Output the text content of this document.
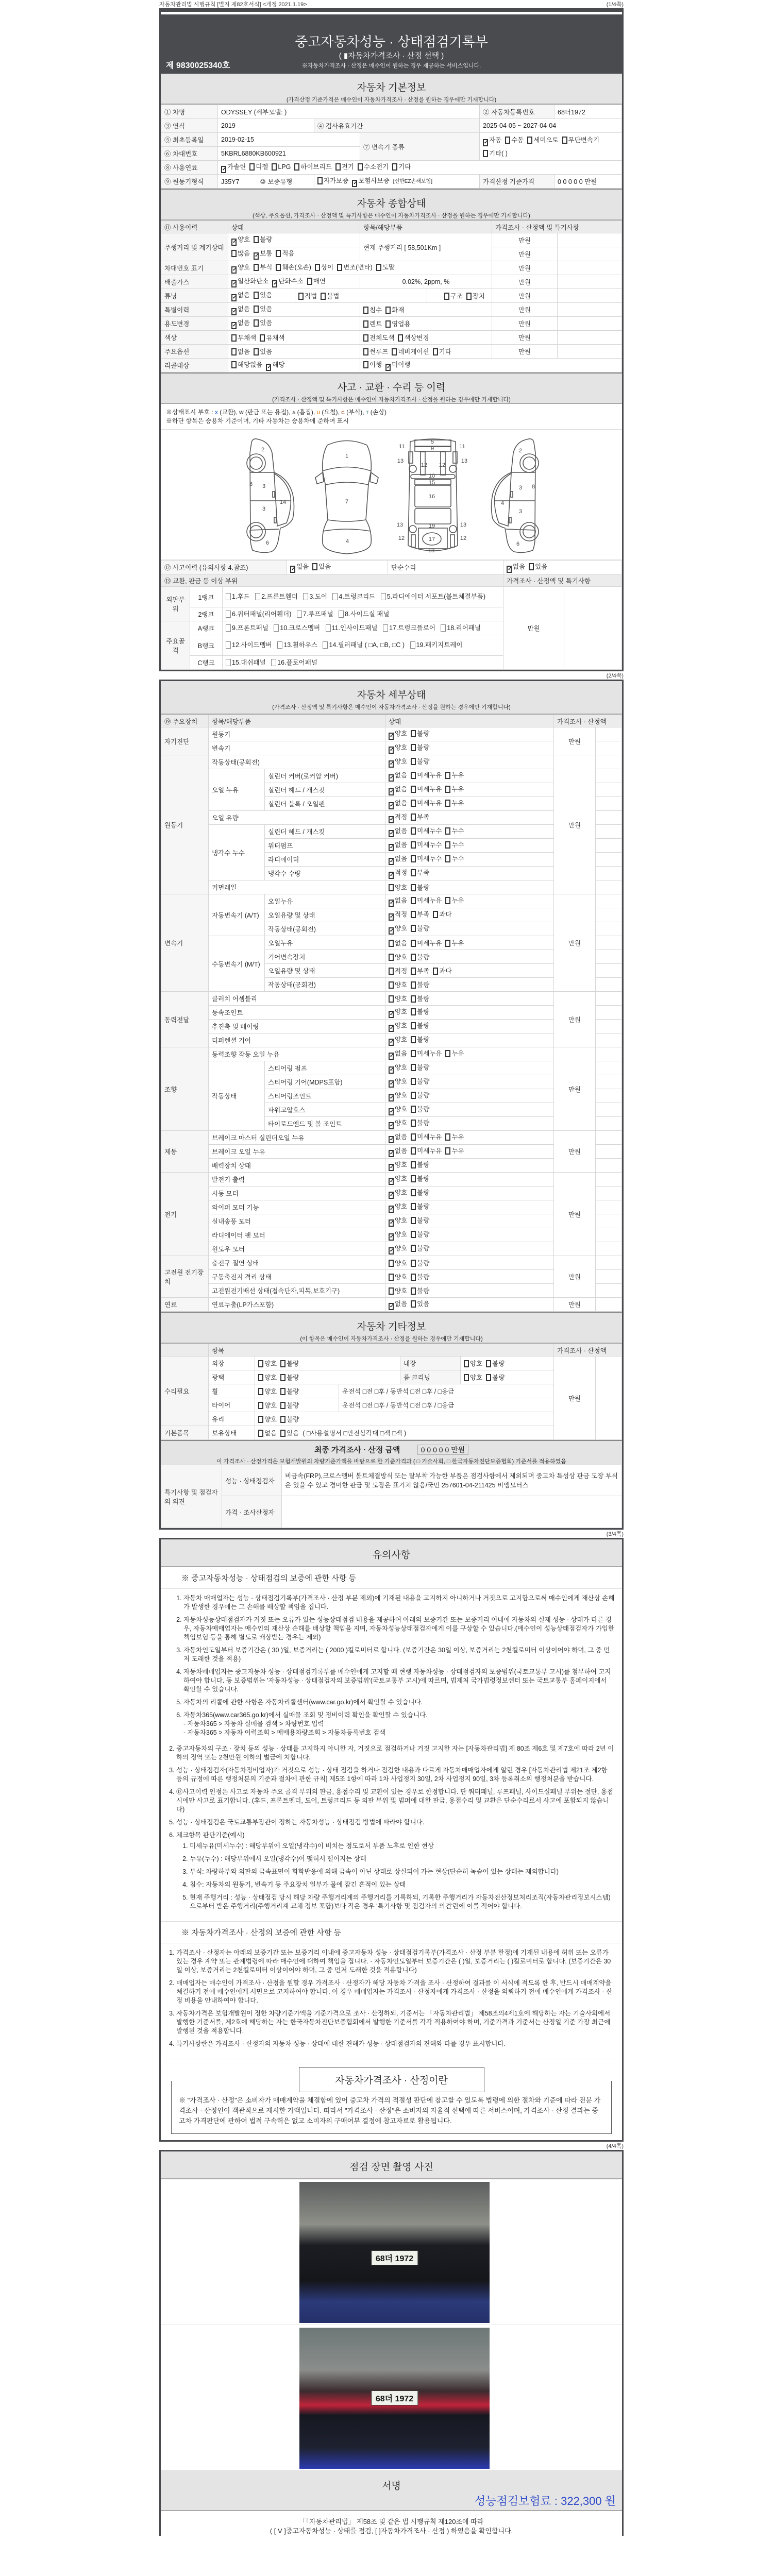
자동차관리법 시행규칙 [별지 제82호서식] <개정 2021.1.19>	(1/4쪽)
중고자동차성능 · 상태점검기록부
( ▮자동차가격조사 · 산정 선택 )
※자동차가격조사 · 산정은 매수인이 원하는 경우 제공하는 서비스입니다.
제 9830025340호
자동차 기본정보
(가격산정 기준가격은 매수인이 자동차가격조사 · 산정을 원하는 경우에만 기재합니다)
① 차명	ODYSSEY (세부모델: )			② 자동차등록번호	68더1972
③ 연식	2019	④ 검사유효기간		2025-04-05 ~ 2027-04-04	
⑤ 최초등록일	2019-02-15		⑦ 변속기 종류	✓ 자동 수동 세미오토 무단변속기기타( )	
⑥ 차대번호	5KBRL6880KB600921				
⑧ 사용연료	✓ 가솔린 디젤 LPG 하이브리드 전기 수소전기 기타				
⑨ 원동기형식	J35Y7 ⑩ 보증유형	자가보증 ✓ 보험사보증 [신한EZ손해보험]		가격산정 기준가격	0 0 0 0 0 만원
자동차 종합상태
(색상, 주요옵션, 가격조사 · 산정액 및 특기사항은 매수인이 자동차가격조사 · 산정을 원하는 경우에만 기재합니다)
⑪ 사용이력	상태		항목/해당부품		가격조사 · 산정액 및 특기사항	
주행거리 및 계기상태	✓ 양호 불량		현재 주행거리 [ 58,501Km ]		만원	
	많음 ✓ 보통 적음				만원	
차대번호 표기	✓ 양호 부식 훼손(오손) 상이 변조(변타) 도말				만원	
배출가스	✓ 일산화탄소 ✓ 탄화수소 매연		0.02%, 2ppm, %		만원	
튜닝	✓ 없음 있음	적법 불법		구조 장치	만원	
특별이력	✓ 없음 있음		침수 화재		만원	
용도변경	✓ 없음 있음		렌트 영업용		만원	
색상	무채색 유채색		전체도색 색상변경		만원	
주요옵션	없음 있음		썬루프 네비게이션 기타		만원	
리콜대상	해당없음 ✓ 해당		이행 ✓ 미이행			
사고 · 교환 · 수리 등 이력
(가격조사 · 산정액 및 특기사항은 매수인이 자동차가격조사 · 산정을 원하는 경우에만 기재합니다)
※상태표시 부호 : X (교환), W (판금 또는 용접), A (흠집), U (요철), C (부식), T (손상)
※하단 항목은 승용차 기준이며, 기타 자동차는 승용차에 준하여 표시
2
8 3
3
14
6
1
7
4
5
9
11	11
13	13
12 12
10
15
16
19
13	13
17
12	12
18
2
8
3
3
4
6
⑫ 사고이력 (유의사항 4.참조)			✓ 없음 있음	단순수리	✓ 없음 있음	
⑬ 교환, 판금 등 이상 부위					가격조사 · 산정액 및 특기사항	
외판부위	1랭크	1.후드 2.프론트휀더 3.도어 4.트렁크리드 5.라디에이터 서포트(볼트체결부품)			만원	
	2랭크	6.쿼터패널(리어휀더) 7.루프패널 8.사이드실 패널				
주요골격	A랭크	9.프론트패널 10.크로스멤버 11.인사이드패널 17.트렁크플로어 18.리어패널				
	B랭크	12.사이드멤버 13.휠하우스 14.필러패널 ( □A, □B, □C ) 19.패키지트레이				
	C랭크	15.대쉬패널 16.플로어패널				
(2/4쪽)
자동차 세부상태
(가격조사 · 산정액 및 특기사항은 매수인이 자동차가격조사 · 산정을 원하는 경우에만 기재합니다)
⑲ 주요장치	항목/해당부품		상태	가격조사 · 산정액	
자기진단	원동기		✓ 양호 불량	만원	
	변속기		✓ 양호 불량		
원동기	작동상태(공회전)		✓ 양호 불량	만원	
	오일 누유	실린더 커버(로커암 커버)	✓ 없음 미세누유 누유		
		실린더 헤드 / 개스킷	✓ 없음 미세누유 누유		
		실린더 블록 / 오일팬	✓ 없음 미세누유 누유		
	오일 유량		✓ 적정 부족		
	냉각수 누수	실린더 헤드 / 개스킷	✓ 없음 미세누수 누수		
		워터펌프	✓ 없음 미세누수 누수		
		라디에이터	✓ 없음 미세누수 누수		
		냉각수 수량	✓ 적정 부족		
	커먼레일		양호 불량		
변속기	자동변속기 (A/T)	오일누유	✓ 없음 미세누유 누유	만원	
		오일유량 및 상태	✓ 적정 부족 과다		
		작동상태(공회전)	✓ 양호 불량		
	수동변속기 (M/T)	오일누유	없음 미세누유 누유		
		기어변속장치	양호 불량		
		오일유량 및 상태	적정 부족 과다		
		작동상태(공회전)	양호 불량		
동력전달	클러치 어셈블리		양호 불량	만원	
	등속조인트		✓ 양호 불량		
	추진축 및 베어링		✓ 양호 불량		
	디퍼렌셜 기어		✓ 양호 불량		
조향	동력조향 작동 오일 누유		✓ 없음 미세누유 누유	만원	
	작동상태	스티어링 펌프	✓ 양호 불량		
		스티어링 기어(MDPS포함)	✓ 양호 불량		
		스티어링조인트	✓ 양호 불량		
		파워고압호스	✓ 양호 불량		
		타이로드엔드 및 볼 조인트	✓ 양호 불량		
제동	브레이크 마스터 실린더오일 누유		✓ 없음 미세누유 누유	만원	
	브레이크 오일 누유		✓ 없음 미세누유 누유		
	배력장치 상태		✓ 양호 불량		
전기	발전기 출력		✓ 양호 불량	만원	
	시동 모터		✓ 양호 불량		
	와이퍼 모터 기능		✓ 양호 불량		
	실내송풍 모터		✓ 양호 불량		
	라디에이터 팬 모터		✓ 양호 불량		
	윈도우 모터		✓ 양호 불량		
고전원 전기장치	충전구 절연 상태		양호 불량	만원	
	구동축전지 격리 상태		양호 불량		
	고전원전기배선 상태(접속단자,피복,보호기구)		양호 불량		
연료	연료누출(LP가스포함)		✓ 없음 있음	만원	
자동차 기타정보
(이 항목은 매수인이 자동차가격조사 · 산정을 원하는 경우에만 기재합니다)
	항목					가격조사 · 산정액	
수리필요	외장	양호 불량		내장	양호 불량	만원	
	광택	양호 불량		룸 크리닝	양호 불량		
	휠	양호 불량	운전석 □전 □후 / 동반석 □전 □후 / □응급				
	타이어	양호 불량	운전석 □전 □후 / 동반석 □전 □후 / □응급				
	유리	양호 불량					
기본품목	보유상태	없음 있음 ( □사용설명서 □안전삼각대 □잭 □잭 )					
최종 가격조사 · 산정 금액	0 0 0 0 0 만원
이 가격조사 · 산정가격은 보험개발원의 차량기준가액을 바탕으로 한 기준가격과 ( □ 기술사회, □ 한국자동차진단보증협회) 기준서를 적용하였음
특기사항 및 점검자의 의견	성능 · 상태점검자	비금속(FRP),크로스멤버 볼트체결방식 또는 탈부착 가능한 부품은 점검사항에서 제외되며 중고차 특성상 판금 도장 부식은 있을 수 있고 경미한 판금 및 도장은 표기치 않음/국민 257601-04-211425 비엠모터스
	가격 · 조사산정자	
(3/4쪽)
유의사항
※ 중고자동차성능 · 상태점검의 보증에 관한 사항 등
1. 자동차 매매업자는 성능 · 상태점검기록부(가격조사 · 산정 부분 제외)에 기재된 내용을 고지하지 아니하거나 거짓으로 고지함으로써 매수인에게 재산상 손해가 발생한 경우에는 그 손해를 배상할 책임을 집니다.
2. 자동차성능상태점검자가 거짓 또는 오류가 있는 성능상태점검 내용을 제공하여 아래의 보증기간 또는 보증거리 이내에 자동차의 실제 성능 · 상태가 다른 경우, 자동차매매업자는 매수인의 재산상 손해를 배상할 책임을 지며, 자동차성능상태점검자에게 이를 구상할 수 있습니다.(매수인이 성능상태점검자가 가입한 책임보험 등을 통해 별도로 배상받는 경우는 제외)
3. 자동차인도일부터 보증기간은 ( 30 )일, 보증거리는 ( 2000 )킬로미터로 합니다. (보증기간은 30일 이상, 보증거리는 2천킬로미터 이상이어야 하며, 그 중 먼저 도래한 것을 적용)
4. 자동차매매업자는 중고자동차 성능 · 상태점검기록부를 매수인에게 고지할 때 현행 자동차성능 · 상태점검자의 보증범위(국토교통부 고시)를 첨부하여 고지하여야 합니다. 동 보증범위는 '자동차성능 · 상태점검자의 보증범위'(국토교통부 고시)에 따르며, 법제처 국가법령정보센터 또는 국토교통부 홈페이지에서 확인할 수 있습니다.
5. 자동차의 리콜에 관한 사항은 자동차리콜센터(www.car.go.kr)에서 확인할 수 있습니다.
6. 자동차365(www.car365.go.kr)에서 실매물 조회 및 정비이력 확인을 확인할 수 있습니다.
- 자동차365 > 자동차 실매물 검색 > 차량번호 입력
- 자동차365 > 자동차 이력조회 > 매매용차량조회 > 자동차등록번호 검색
2. 중고자동차의 구조 · 장치 등의 성능 · 상태를 고지하지 아니한 자, 거짓으로 점검하거나 거짓 고지한 자는 [자동차관리법] 제 80조 제6호 및 제7호에 따라 2년 이하의 징역 또는 2천만원 이하의 벌금에 처합니다.
3. 성능 · 상태점검자(자동차정비업자)가 거짓으로 성능 · 상태 점검을 하거나 점검한 내용과 다르게 자동차매매업자에게 알린 경우 [자동차관리법 제21조 제2항 등의 규정에 따른 행정처분의 기준과 절차에 관한 규칙] 제5조 1항에 따라 1차 사업정지 30일, 2차 사업정지 90일, 3차 등록취소의 행정처분을 받습니다.
4. ⑫사고이력 인정은 사고로 자동차 주요 골격 부위의 판금, 용접수리 및 교환이 있는 경우로 한정합니다. 단 쿼터패널, 루프패널, 사이드실패널 부위는 절단, 용접 시에만 사고로 표기합니다. (후드, 프론트펜더, 도어, 트렁크리드 등 외판 부위 및 범퍼에 대한 판금, 용접수리 및 교환은 단순수리로서 사고에 포함되지 않습니다)
5. 성능 · 상태점검은 국토교통부장관이 정하는 자동차성능 · 상태점검 방법에 따라야 합니다.
6. 체크항목 판단기준(예시)
1. 미세누유(미세누수) : 해당부위에 오일(냉각수)이 비치는 정도로서 부품 노후로 인한 현상
2. 누유(누수) : 해당부위에서 오일(냉각수)이 맺혀서 떨어지는 상태
3. 부식: 차량하부와 외판의 금속표면이 화학반응에 의해 금속이 아닌 상태로 상실되어 가는 현상(단순히 녹슬어 있는 상태는 제외합니다)
4. 침수: 자동차의 원동기, 변속기 등 주요장치 일부가 물에 잠긴 흔적이 있는 상태
5. 현재 주행거리 : 성능 · 상태점검 당시 해당 차량 주행거리계의 주행거리를 기록하되, 기록한 주행거리가 자동차전산정보처리조직(자동차관리정보시스템)으로부터 받은 주행거리(주행거리계 교체 정보 포함)보다 적은 경우 '특기사항 및 점검자의 의견'란에 이를 적어야 합니다.
※ 자동차가격조사 · 산정의 보증에 관한 사항 등
1. 가격조사 · 산정자는 아래의 보증기간 또는 보증거리 이내에 중고자동차 성능 · 상태점검기록부(가격조사 · 산정 부분 한정)에 기재된 내용에 허위 또는 오류가 있는 경우 계약 또는 관계법령에 따라 매수인에 대하여 책임을 집니다. · 자동차인도일부터 보증기간은 ( )일, 보증거리는 ( )킬로미터로 합니다. (보증기간은 30일 이상, 보증거리는 2천킬로미터 이상이어야 하며, 그 중 먼저 도래한 것을 적용합니다)
2. 매매업자는 매수인이 가격조사 · 산정을 원할 경우 가격조사 · 산정자가 해당 자동차 가격을 조사 · 산정하여 결과를 이 서식에 적도록 한 후, 반드시 매매계약을 체결하기 전에 매수인에게 서면으로 고지하여야 합니다. 이 경우 매매업자는 가격조사 · 산정자에게 가격조사 · 산정을 의뢰하기 전에 매수인에게 가격조사 · 산정 비용을 안내하여야 합니다.
3. 자동차가격은 보험개발원이 정한 차량기준가액을 기준가격으로 조사 · 산정하되, 기준서는 「자동차관리법」 제58조의4제1호에 해당하는 자는 기술사회에서 발행한 기준서를, 제2호에 해당하는 자는 한국자동차진단보증협회에서 발행한 기준서를 각각 적용하여야 하며, 기준가격과 기준서는 산정일 기준 가장 최근에 발행된 것을 적용합니다.
4. 특기사항란은 가격조사 · 산정자의 자동차 성능 · 상태에 대한 견해가 성능 · 상태점검자의 견해와 다를 경우 표시합니다.
자동차가격조사 · 산정이란
※ "가격조사 · 산정"은 소비자가 매매계약을 체결함에 있어 중고차 가격의 적절성 판단에 참고할 수 있도록 법령에 의한 절차와 기준에 따라 전문 가격조사 · 산정인이 객관적으로 제시한 가액입니다. 따라서 "가격조사 · 산정"은 소비자의 자율적 선택에 따른 서비스이며, 가격조사 · 산정 결과는 중고차 가격판단에 관하여 법적 구속력은 없고 소비자의 구매여부 결정에 참고자료로 활용됩니다.
(4/4쪽)
점검 장면 촬영 사진
68더 1972
68더 1972
서명
성능점검보험료 : 322,300 원
「「자동차관리법」 제58조 및 같은 법 시행규칙 제120조에 따라
( [ V ]중고자동차성능 · 상태를 점검, [ ]자동차가격조사 · 산정 ) 하였음을 확인합니다.
